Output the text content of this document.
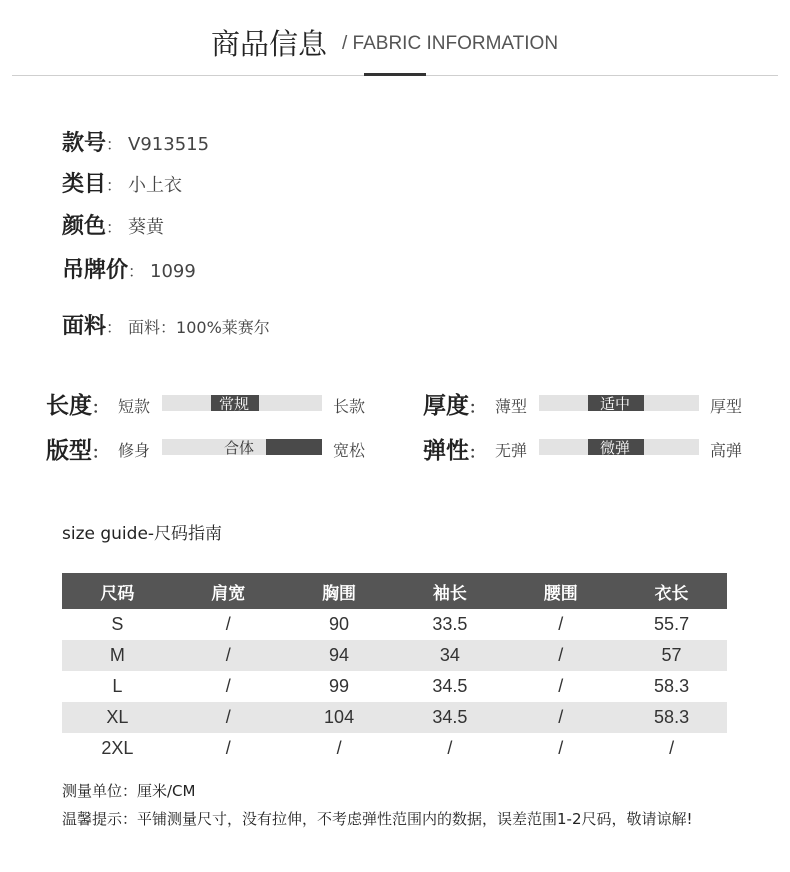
商品信息 / FABRIC INFORMATION
款号： V913515
类目： 小上衣
颜色： 葵黄
吊牌价： 1099
面料： 面料：100%莱赛尔
长度： 短款	常规	长款
版型： 修身	合体	宽松
厚度： 薄型	适中	厚型
弹性： 无弹	微弹	高弹
size guide-尺码指南
尺码	肩宽	胸围	袖长	腰围	衣长
S	/	90	33.5	/	55.7
M	/	94	34	/	57
L	/	99	34.5	/	58.3
XL	/	104	34.5	/	58.3
2XL	/	/	/	/	/
测量单位：厘米/CM
温馨提示：平铺测量尺寸，没有拉伸，不考虑弹性范围内的数据，误差范围1-2尺码，敬请谅解!
